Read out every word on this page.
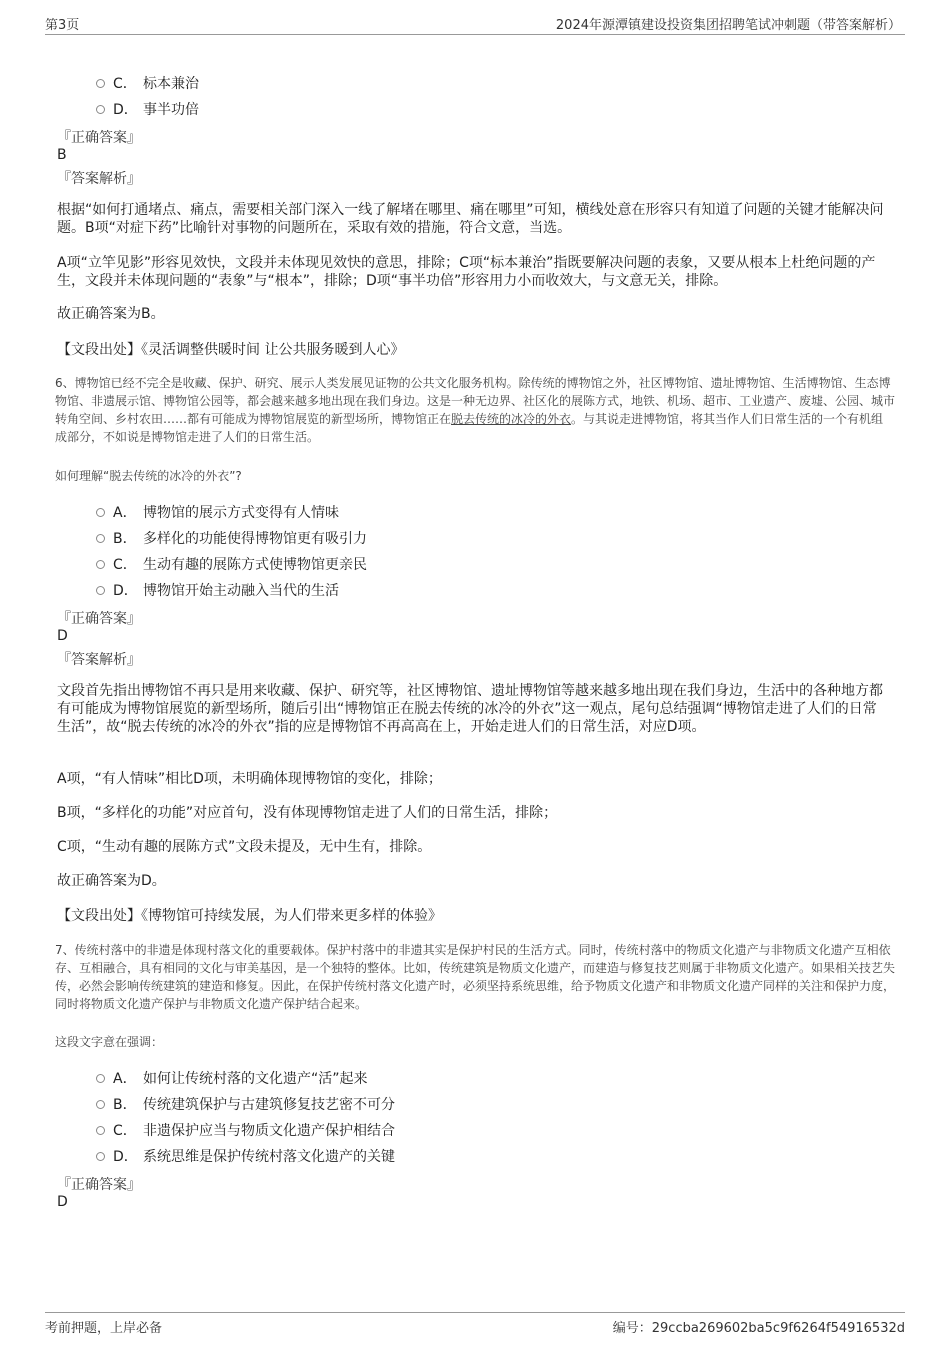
第3页	2024年源潭镇建设投资集团招聘笔试冲刺题（带答案解析）
C． 标本兼治
D． 事半功倍
『正确答案』
B
『答案解析』
根据“如何打通堵点、痛点，需要相关部门深入一线了解堵在哪里、痛在哪里”可知，横线处意在形容只有知道了问题的关键才能解决问题。B项“对症下药”比喻针对事物的问题所在，采取有效的措施，符合文意，当选。
A项“立竿见影”形容见效快，文段并未体现见效快的意思，排除；C项“标本兼治”指既要解决问题的表象，又要从根本上杜绝问题的产生，文段并未体现问题的“表象”与“根本”，排除；D项“事半功倍”形容用力小而收效大，与文意无关，排除。
故正确答案为B。
【文段出处】《灵活调整供暖时间 让公共服务暖到人心》
6、博物馆已经不完全是收藏、保护、研究、展示人类发展见证物的公共文化服务机构。除传统的博物馆之外，社区博物馆、遗址博物馆、生活博物馆、生态博物馆、非遗展示馆、博物馆公园等，都会越来越多地出现在我们身边。这是一种无边界、社区化的展陈方式，地铁、机场、超市、工业遗产、废墟、公园、城市转角空间、乡村农田……都有可能成为博物馆展览的新型场所，博物馆正在脱去传统的冰冷的外衣。与其说走进博物馆，将其当作人们日常生活的一个有机组成部分，不如说是博物馆走进了人们的日常生活。
如何理解“脱去传统的冰冷的外衣”?
A． 博物馆的展示方式变得有人情味
B． 多样化的功能使得博物馆更有吸引力
C． 生动有趣的展陈方式使博物馆更亲民
D． 博物馆开始主动融入当代的生活
『正确答案』
D
『答案解析』
文段首先指出博物馆不再只是用来收藏、保护、研究等，社区博物馆、遗址博物馆等越来越多地出现在我们身边，生活中的各种地方都有可能成为博物馆展览的新型场所，随后引出“博物馆正在脱去传统的冰冷的外衣”这一观点，尾句总结强调“博物馆走进了人们的日常生活”，故“脱去传统的冰冷的外衣”指的应是博物馆不再高高在上，开始走进人们的日常生活，对应D项。
A项，“有人情味”相比D项，未明确体现博物馆的变化，排除；
B项，“多样化的功能”对应首句，没有体现博物馆走进了人们的日常生活，排除；
C项，“生动有趣的展陈方式”文段未提及，无中生有，排除。
故正确答案为D。
【文段出处】《博物馆可持续发展，为人们带来更多样的体验》
7、传统村落中的非遗是体现村落文化的重要载体。保护村落中的非遗其实是保护村民的生活方式。同时，传统村落中的物质文化遗产与非物质文化遗产互相依存、互相融合，具有相同的文化与审美基因，是一个独特的整体。比如，传统建筑是物质文化遗产，而建造与修复技艺则属于非物质文化遗产。如果相关技艺失传，必然会影响传统建筑的建造和修复。因此，在保护传统村落文化遗产时，必须坚持系统思维，给予物质文化遗产和非物质文化遗产同样的关注和保护力度，同时将物质文化遗产保护与非物质文化遗产保护结合起来。
这段文字意在强调：
A． 如何让传统村落的文化遗产“活”起来
B． 传统建筑保护与古建筑修复技艺密不可分
C． 非遗保护应当与物质文化遗产保护相结合
D． 系统思维是保护传统村落文化遗产的关键
『正确答案』
D
考前押题，上岸必备	编号：29ccba269602ba5c9f6264f54916532d
